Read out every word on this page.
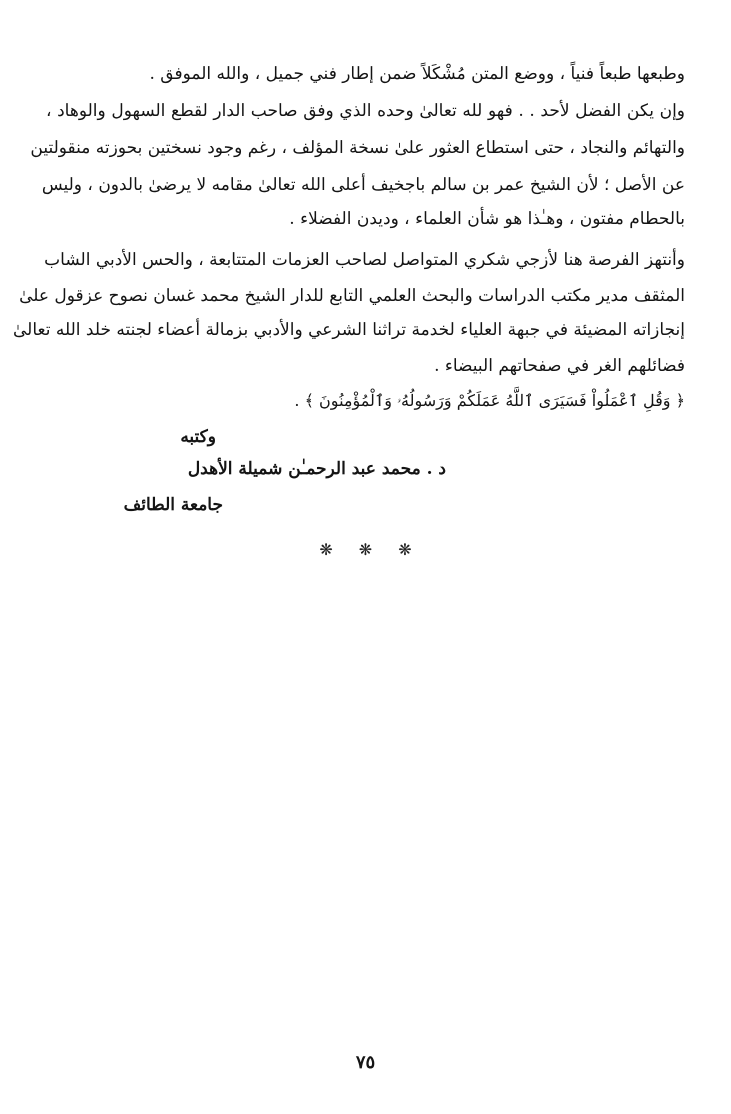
وطبعها طبعاً فنياً ، ووضع المتن مُشْكَلاً ضمن إطار فني جميل ، والله الموفق .
وإن يكن الفضل لأحد . . فهو لله تعالىٰ وحده الذي وفق صاحب الدار لقطع السهول والوهاد ،
والتهائم والنجاد ، حتى استطاع العثور علىٰ نسخة المؤلف ، رغم وجود نسختين بحوزته منقولتين
عن الأصل ؛ لأن الشيخ عمر بن سالم باجخيف أعلى الله تعالىٰ مقامه لا يرضىٰ بالدون ، وليس
بالحطام مفتون ، وهـٰذا هو شأن العلماء ، وديدن الفضلاء .
وأنتهز الفرصة هنا لأزجي شكري المتواصل لصاحب العزمات المتتابعة ، والحس الأدبي الشاب
المثقف مدير مكتب الدراسات والبحث العلمي التابع للدار الشيخ محمد غسان نصوح عزقول علىٰ
إنجازاته المضيئة في جبهة العلياء لخدمة تراثنا الشرعي والأدبي بزمالة أعضاء لجنته خلد الله تعالىٰ
فضائلهم الغر في صفحاتهم البيضاء .
﴿ وَقُلِ ٱعْمَلُواْ فَسَيَرَى ٱللَّهُ عَمَلَكُمْ وَرَسُولُهُۥ وَٱلْمُؤْمِنُونَ ﴾ .
وكتبه
د . محمد عبد الرحمـٰن شميلة الأهدل
جامعة الطائف
❋❋❋
٧٥
